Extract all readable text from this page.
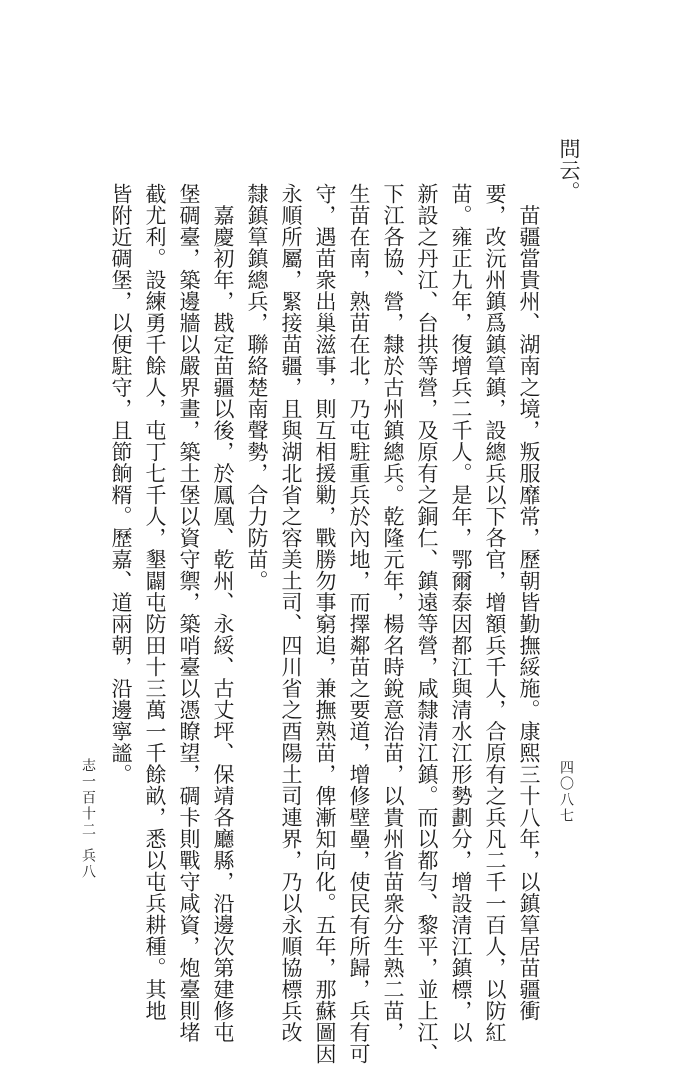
問云。
　苗疆當貴州、湖南之境，叛服靡常，歷朝皆勤撫綏施。康熙三十八年，以鎮筸居苗疆衝
要，改沅州鎮爲鎮筸鎮，設總兵以下各官，增額兵千人，合原有之兵凡二千一百人，以防紅
苗。雍正九年，復增兵二千人。是年，鄂爾泰因都江與清水江形勢劃分，增設清江鎮標，以
新設之丹江、台拱等營，及原有之銅仁、鎮遠等營，咸隸清江鎮。而以都勻、黎平，並上江、
下江各協、營，隸於古州鎮總兵。乾隆元年，楊名時銳意治苗，以貴州省苗衆分生熟二苗，
生苗在南，熟苗在北，乃屯駐重兵於內地，而擇鄰苗之要道，增修壁壘，使民有所歸，兵有可
守，遇苗衆出巢滋事，則互相援勦，戰勝勿事窮追，兼撫熟苗，俾漸知向化。五年，那蘇圖因
永順所屬，緊接苗疆，且與湖北省之容美土司、四川省之酉陽土司連界，乃以永順協標兵改
隸鎮筸鎮總兵，聯絡楚南聲勢，合力防苗。
　嘉慶初年，戡定苗疆以後，於鳳凰、乾州、永綏、古丈坪、保靖各廳縣，沿邊次第建修屯
堡碉臺，築邊牆以嚴界畫，築土堡以資守禦，築哨臺以憑瞭望，碉卡則戰守咸資，炮臺則堵
截尤利。設練勇千餘人，屯丁七千人，墾闢屯防田十三萬一千餘畝，悉以屯兵耕種。其地
皆附近碉堡，以便駐守，且節餉糈。歷嘉、道兩朝，沿邊寧謐。
志一百十二
兵八
四〇八七
